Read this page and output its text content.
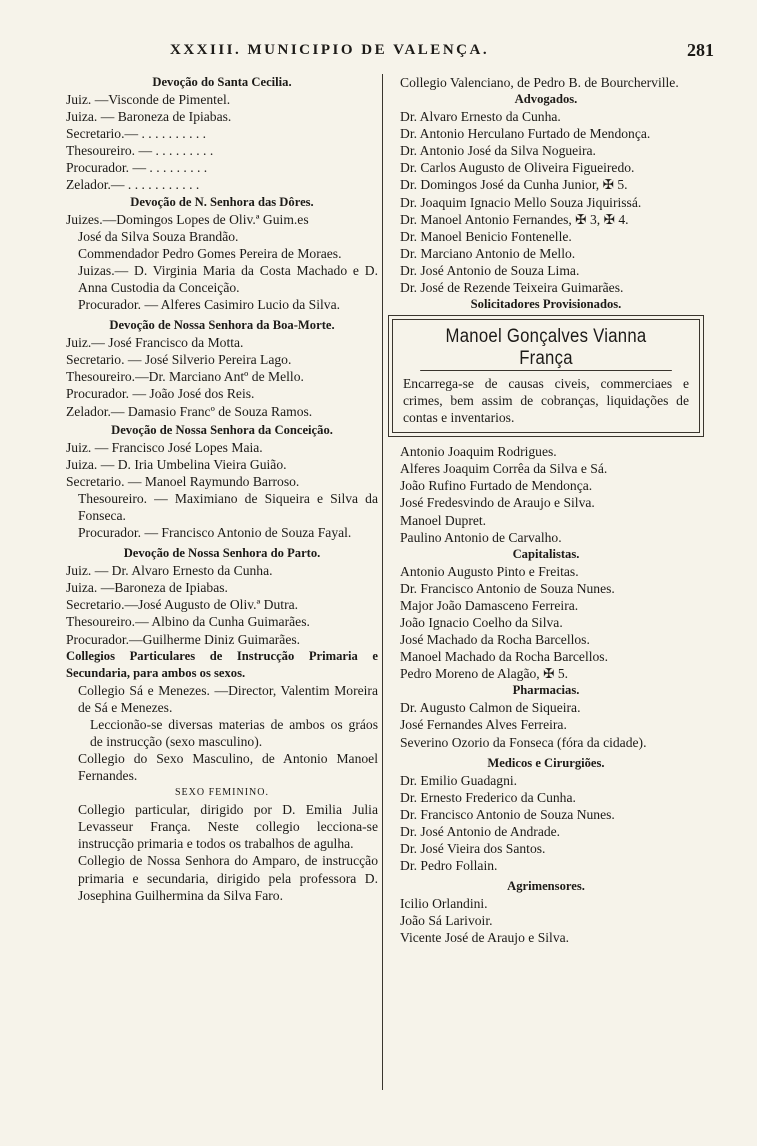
XXXIII. MUNICIPIO DE VALENÇA.	281
Devoção do Santa Cecilia.
Juiz. —Visconde de Pimentel.
Juiza. — Baroneza de Ipiabas.
Secretario.— . . . . . . . . . .
Thesoureiro. — . . . . . . . . .
Procurador. — . . . . . . . . .
Zelador.— . . . . . . . . . . .
Devoção de N. Senhora das Dôres.
Juizes.—Domingos Lopes de Oliv.ª Guim.es
José da Silva Souza Brandão.
Commendador Pedro Gomes Pereira de Moraes.
Juizas.— D. Virginia Maria da Costa Machado e D. Anna Custodia da Conceição.
Procurador. — Alferes Casimiro Lucio da Silva.
Devoção de Nossa Senhora da Boa-Morte.
Juiz.— José Francisco da Motta.
Secretario. — José Silverio Pereira Lago.
Thesoureiro.—Dr. Marciano Antº de Mello.
Procurador. — João José dos Reis.
Zelador.— Damasio Francº de Souza Ramos.
Devoção de Nossa Senhora da Conceição.
Juiz. — Francisco José Lopes Maia.
Juiza. — D. Iria Umbelina Vieira Guião.
Secretario. — Manoel Raymundo Barroso.
Thesoureiro. — Maximiano de Siqueira e Silva da Fonseca.
Procurador. — Francisco Antonio de Souza Fayal.
Devoção de Nossa Senhora do Parto.
Juiz. — Dr. Alvaro Ernesto da Cunha.
Juiza. —Baroneza de Ipiabas.
Secretario.—José Augusto de Oliv.ª Dutra.
Thesoureiro.— Albino da Cunha Guimarães.
Procurador.—Guilherme Diniz Guimarães.
Collegios Particulares de Instrucção Primaria e Secundaria, para ambos os sexos.
Collegio Sá e Menezes. —Director, Valentim Moreira de Sá e Menezes.
Leccionão-se diversas materias de ambos os gráos de instrucção (sexo masculino).
Collegio do Sexo Masculino, de Antonio Manoel Fernandes.
SEXO FEMININO.
Collegio particular, dirigido por D. Emilia Julia Levasseur França. Neste collegio lecciona-se instrucção primaria e todos os trabalhos de agulha.
Collegio de Nossa Senhora do Amparo, de instrucção primaria e secundaria, dirigido pela professora D. Josephina Guilhermina da Silva Faro.
Collegio Valenciano, de Pedro B. de Bourcherville.
Advogados.
Dr. Alvaro Ernesto da Cunha.
Dr. Antonio Herculano Furtado de Mendonça.
Dr. Antonio José da Silva Nogueira.
Dr. Carlos Augusto de Oliveira Figueiredo.
Dr. Domingos José da Cunha Junior, ✠ 5.
Dr. Joaquim Ignacio Mello Souza Jiquirissá.
Dr. Manoel Antonio Fernandes, ✠ 3, ✠ 4.
Dr. Manoel Benicio Fontenelle.
Dr. Marciano Antonio de Mello.
Dr. José Antonio de Souza Lima.
Dr. José de Rezende Teixeira Guimarães.
Solicitadores Provisionados.
Manoel Gonçalves Vianna França
Encarrega-se de causas civeis, commerciaes e crimes, bem assim de cobranças, liquidações de contas e inventarios.
Antonio Joaquim Rodrigues.
Alferes Joaquim Corrêa da Silva e Sá.
João Rufino Furtado de Mendonça.
José Fredesvindo de Araujo e Silva.
Manoel Dupret.
Paulino Antonio de Carvalho.
Capitalistas.
Antonio Augusto Pinto e Freitas.
Dr. Francisco Antonio de Souza Nunes.
Major João Damasceno Ferreira.
João Ignacio Coelho da Silva.
José Machado da Rocha Barcellos.
Manoel Machado da Rocha Barcellos.
Pedro Moreno de Alagão, ✠ 5.
Pharmacias.
Dr. Augusto Calmon de Siqueira.
José Fernandes Alves Ferreira.
Severino Ozorio da Fonseca (fóra da cidade).
Medicos e Cirurgiões.
Dr. Emilio Guadagni.
Dr. Ernesto Frederico da Cunha.
Dr. Francisco Antonio de Souza Nunes.
Dr. José Antonio de Andrade.
Dr. José Vieira dos Santos.
Dr. Pedro Follain.
Agrimensores.
Icilio Orlandini.
João Sá Larivoir.
Vicente José de Araujo e Silva.
